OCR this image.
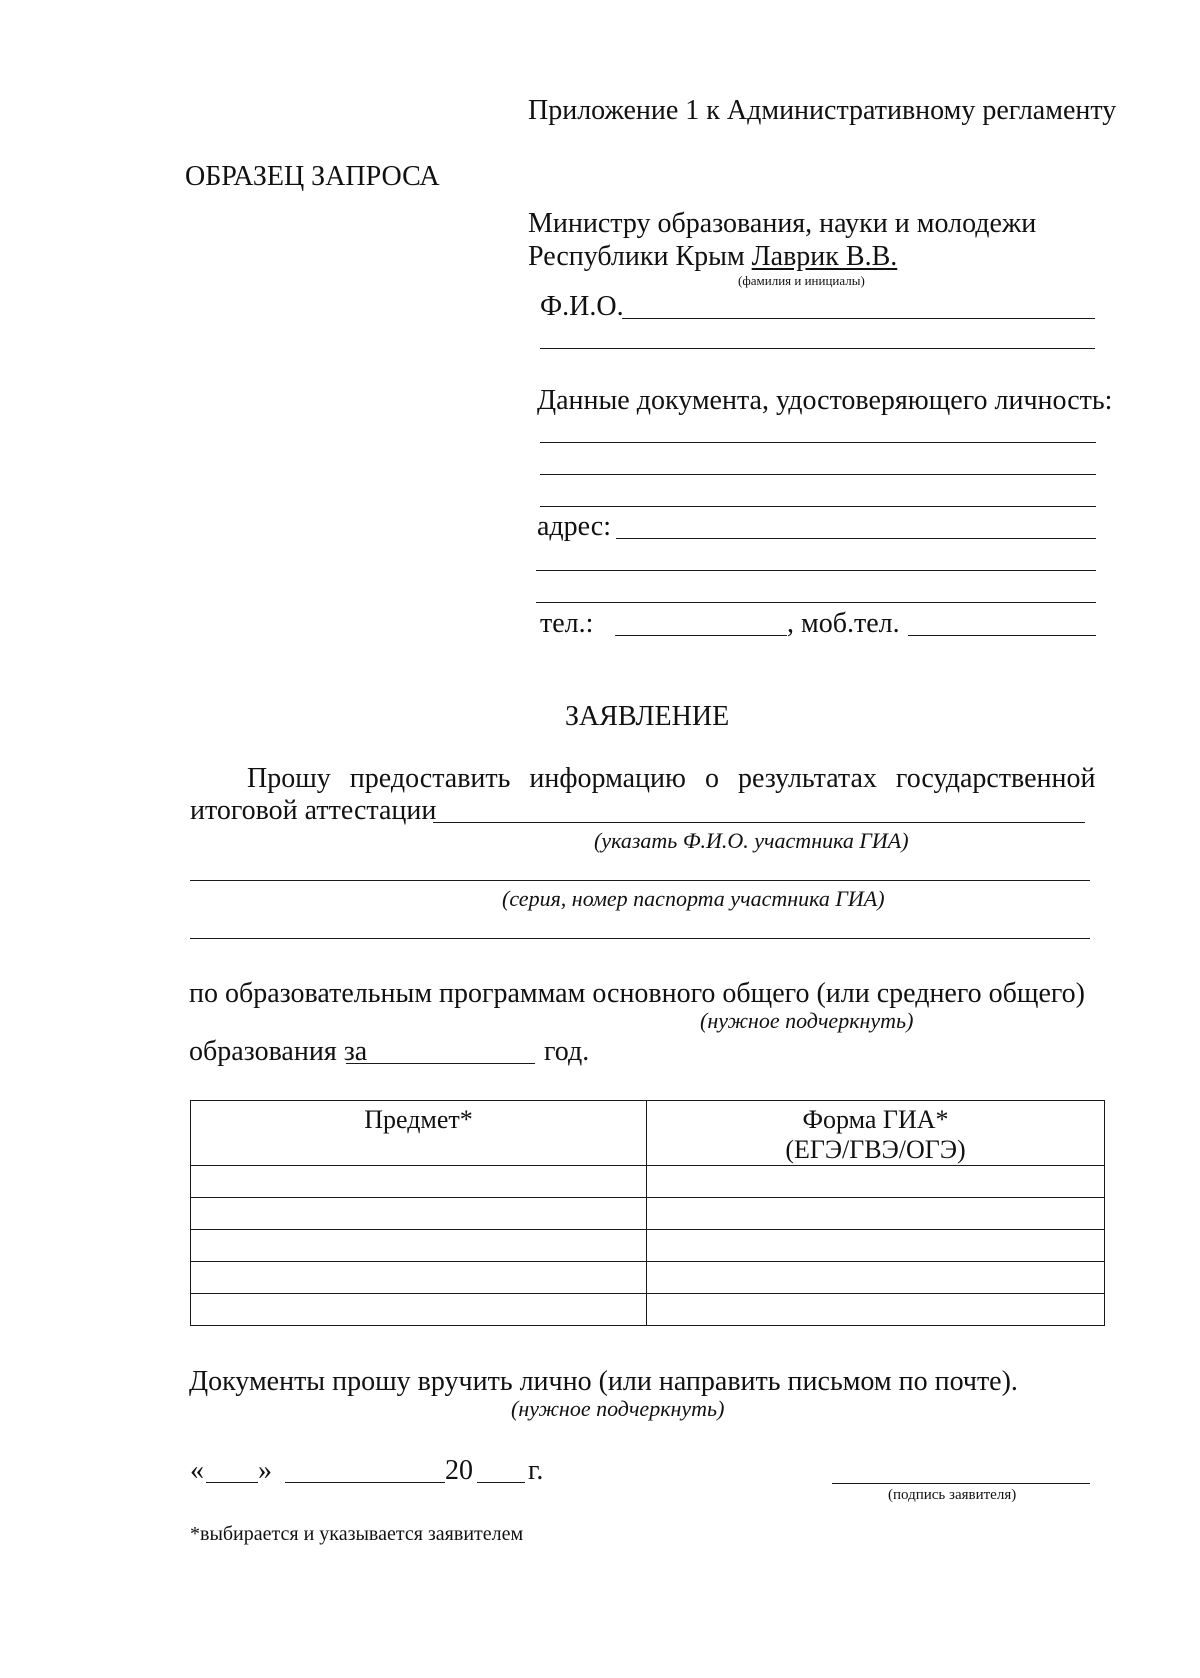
Приложение 1 к Административному регламенту
ОБРАЗЕЦ ЗАПРОСА
Министру образования, науки и молодежи
Республики Крым Лаврик В.В.
(фамилия и инициалы)
Ф.И.О.
Данные документа, удостоверяющего личность:
адрес:
тел.:	, моб.тел.
ЗАЯВЛЕНИЕ
Прошу предоставить информацию о результатах государственной
итоговой аттестации
(указать Ф.И.О. участника ГИА)
(серия, номер паспорта участника ГИА)
по образовательным программам основного общего (или среднего общего)
(нужное подчеркнуть)
образования за	год.
Предмет*	Форма ГИА*
(ЕГЭ/ГВЭ/ОГЭ)

Документы прошу вручить лично (или направить письмом по почте).
(нужное подчеркнуть)
« »	20 г.
(подпись заявителя)
*выбирается и указывается заявителем
